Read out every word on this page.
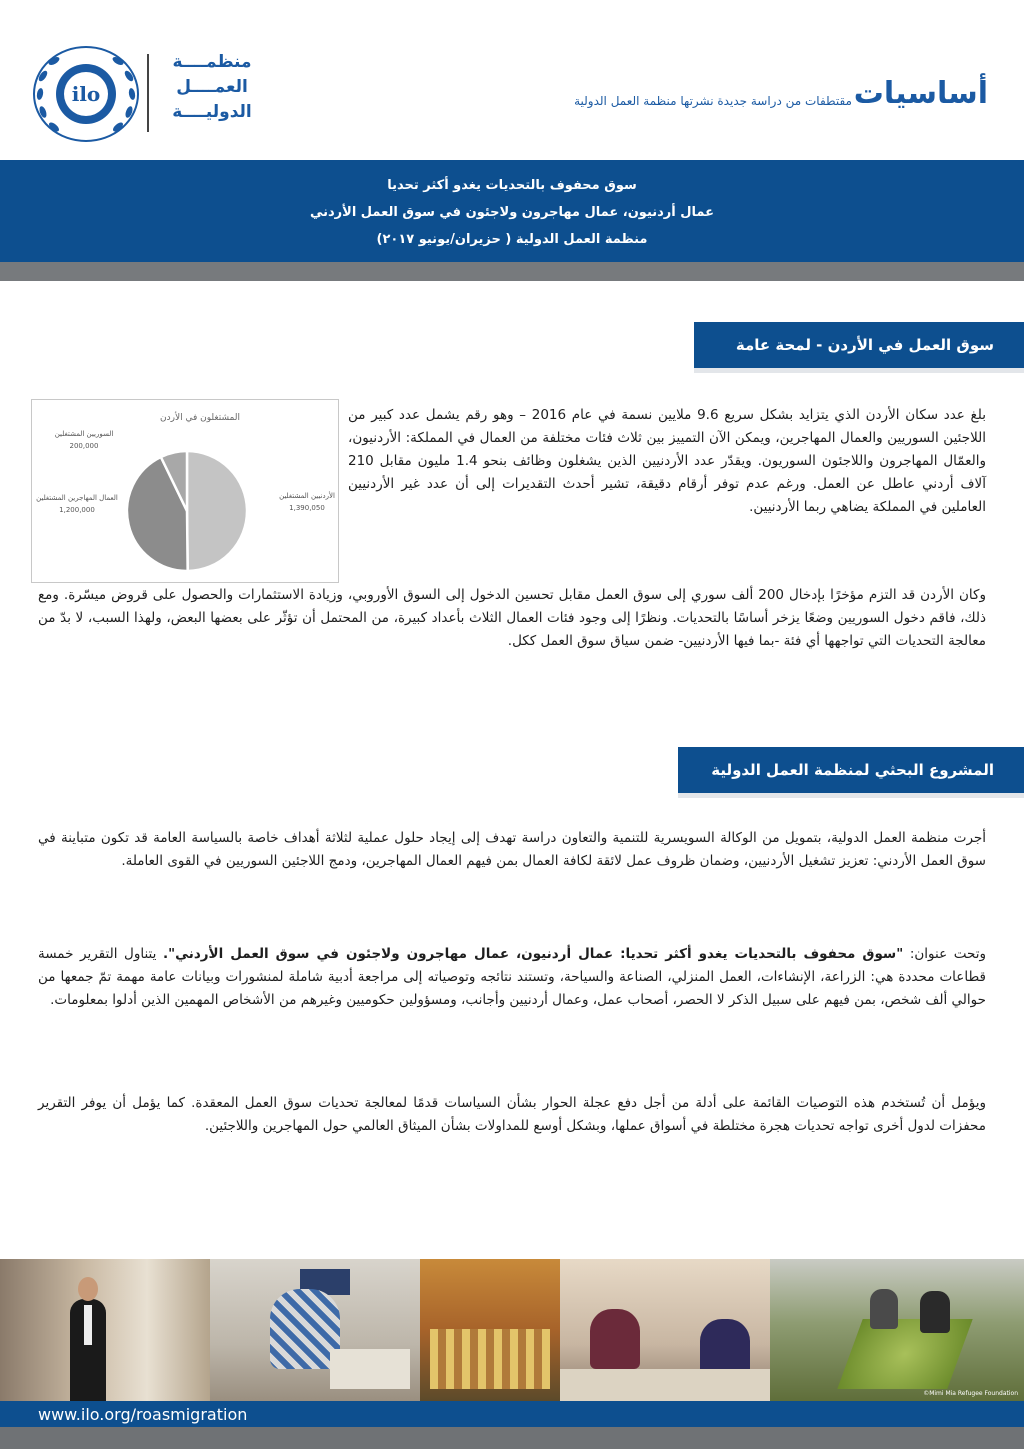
ilo
منظمــــة
العمــــل
الدوليــــة
أساسيات
مقتطفات من دراسة جديدة نشرتها منظمة العمل الدولية
سوق محفوف بالتحديات يغدو أكثر تحديا
عمال أردنيون، عمال مهاجرون ولاجئون في سوق العمل الأردني
منظمة العمل الدولية ( حزيران/يونيو ٢٠١٧)
سوق العمل في الأردن - لمحة عامة
المشتغلون في الأردن
الأردنيين المشتغلين
1,390,050
العمال المهاجرين المشتغلين
1,200,000
السوريين المشتغلين
200,000
بلغ عدد سكان الأردن الذي يتزايد بشكل سريع 9.6 ملايين نسمة في عام 2016 – وهو رقم يشمل عدد كبير من اللاجئين السوريين والعمال المهاجرين، ويمكن الآن التمييز بين ثلاث فئات مختلفة من العمال في المملكة: الأردنيون، والعمّال المهاجرون واللاجئون السوريون. ويقدّر عدد الأردنيين الذين يشغلون وظائف بنحو 1.4 مليون مقابل 210 آلاف أردني عاطل عن العمل. ورغم عدم توفر أرقام دقيقة، تشير أحدث التقديرات إلى أن عدد غير الأردنيين العاملين في المملكة يضاهي ربما الأردنيين.
وكان الأردن قد التزم مؤخرًا بإدخال 200 ألف سوري إلى سوق العمل مقابل تحسين الدخول إلى السوق الأوروبي، وزيادة الاستثمارات والحصول على قروض ميسّرة. ومع ذلك، فاقم دخول السوريين وضعًا يزخر أساسًا بالتحديات. ونظرًا إلى وجود فئات العمال الثلاث بأعداد كبيرة، من المحتمل أن تؤثّر على بعضها البعض، ولهذا السبب، لا بدّ من معالجة التحديات التي تواجهها أي فئة -بما فيها الأردنيين- ضمن سياق سوق العمل ككل.
المشروع البحثي لمنظمة العمل الدولية
أجرت منظمة العمل الدولية، بتمويل من الوكالة السويسرية للتنمية والتعاون دراسة تهدف إلى إيجاد حلول عملية لثلاثة أهداف خاصة بالسياسة العامة قد تكون متباينة في سوق العمل الأردني: تعزيز تشغيل الأردنيين، وضمان ظروف عمل لائقة لكافة العمال بمن فيهم العمال المهاجرين، ودمج اللاجئين السوريين في القوى العاملة.
وتحت عنوان: "سوق محفوف بالتحديات يغدو أكثر تحديا: عمال أردنيون، عمال مهاجرون ولاجئون في سوق العمل الأردني". يتناول التقرير خمسة قطاعات محددة هي: الزراعة، الإنشاءات، العمل المنزلي، الصناعة والسياحة، وتستند نتائجه وتوصياته إلى مراجعة أدبية شاملة لمنشورات وبيانات عامة مهمة تمّ جمعها من حوالي ألف شخص، بمن فيهم على سبيل الذكر لا الحصر، أصحاب عمل، وعمال أردنيين وأجانب، ومسؤولين حكوميين وغيرهم من الأشخاص المهمين الذين أدلوا بمعلومات.
ويؤمل أن تُستخدم هذه التوصيات القائمة على أدلة من أجل دفع عجلة الحوار بشأن السياسات قدمًا لمعالجة تحديات سوق العمل المعقدة. كما يؤمل أن يوفر التقرير محفزات لدول أخرى تواجه تحديات هجرة مختلطة في أسواق عملها، وبشكل أوسع للمداولات بشأن الميثاق العالمي حول المهاجرين واللاجئين.
©Mimi Mia Refugee Foundation
www.ilo.org/roasmigration
